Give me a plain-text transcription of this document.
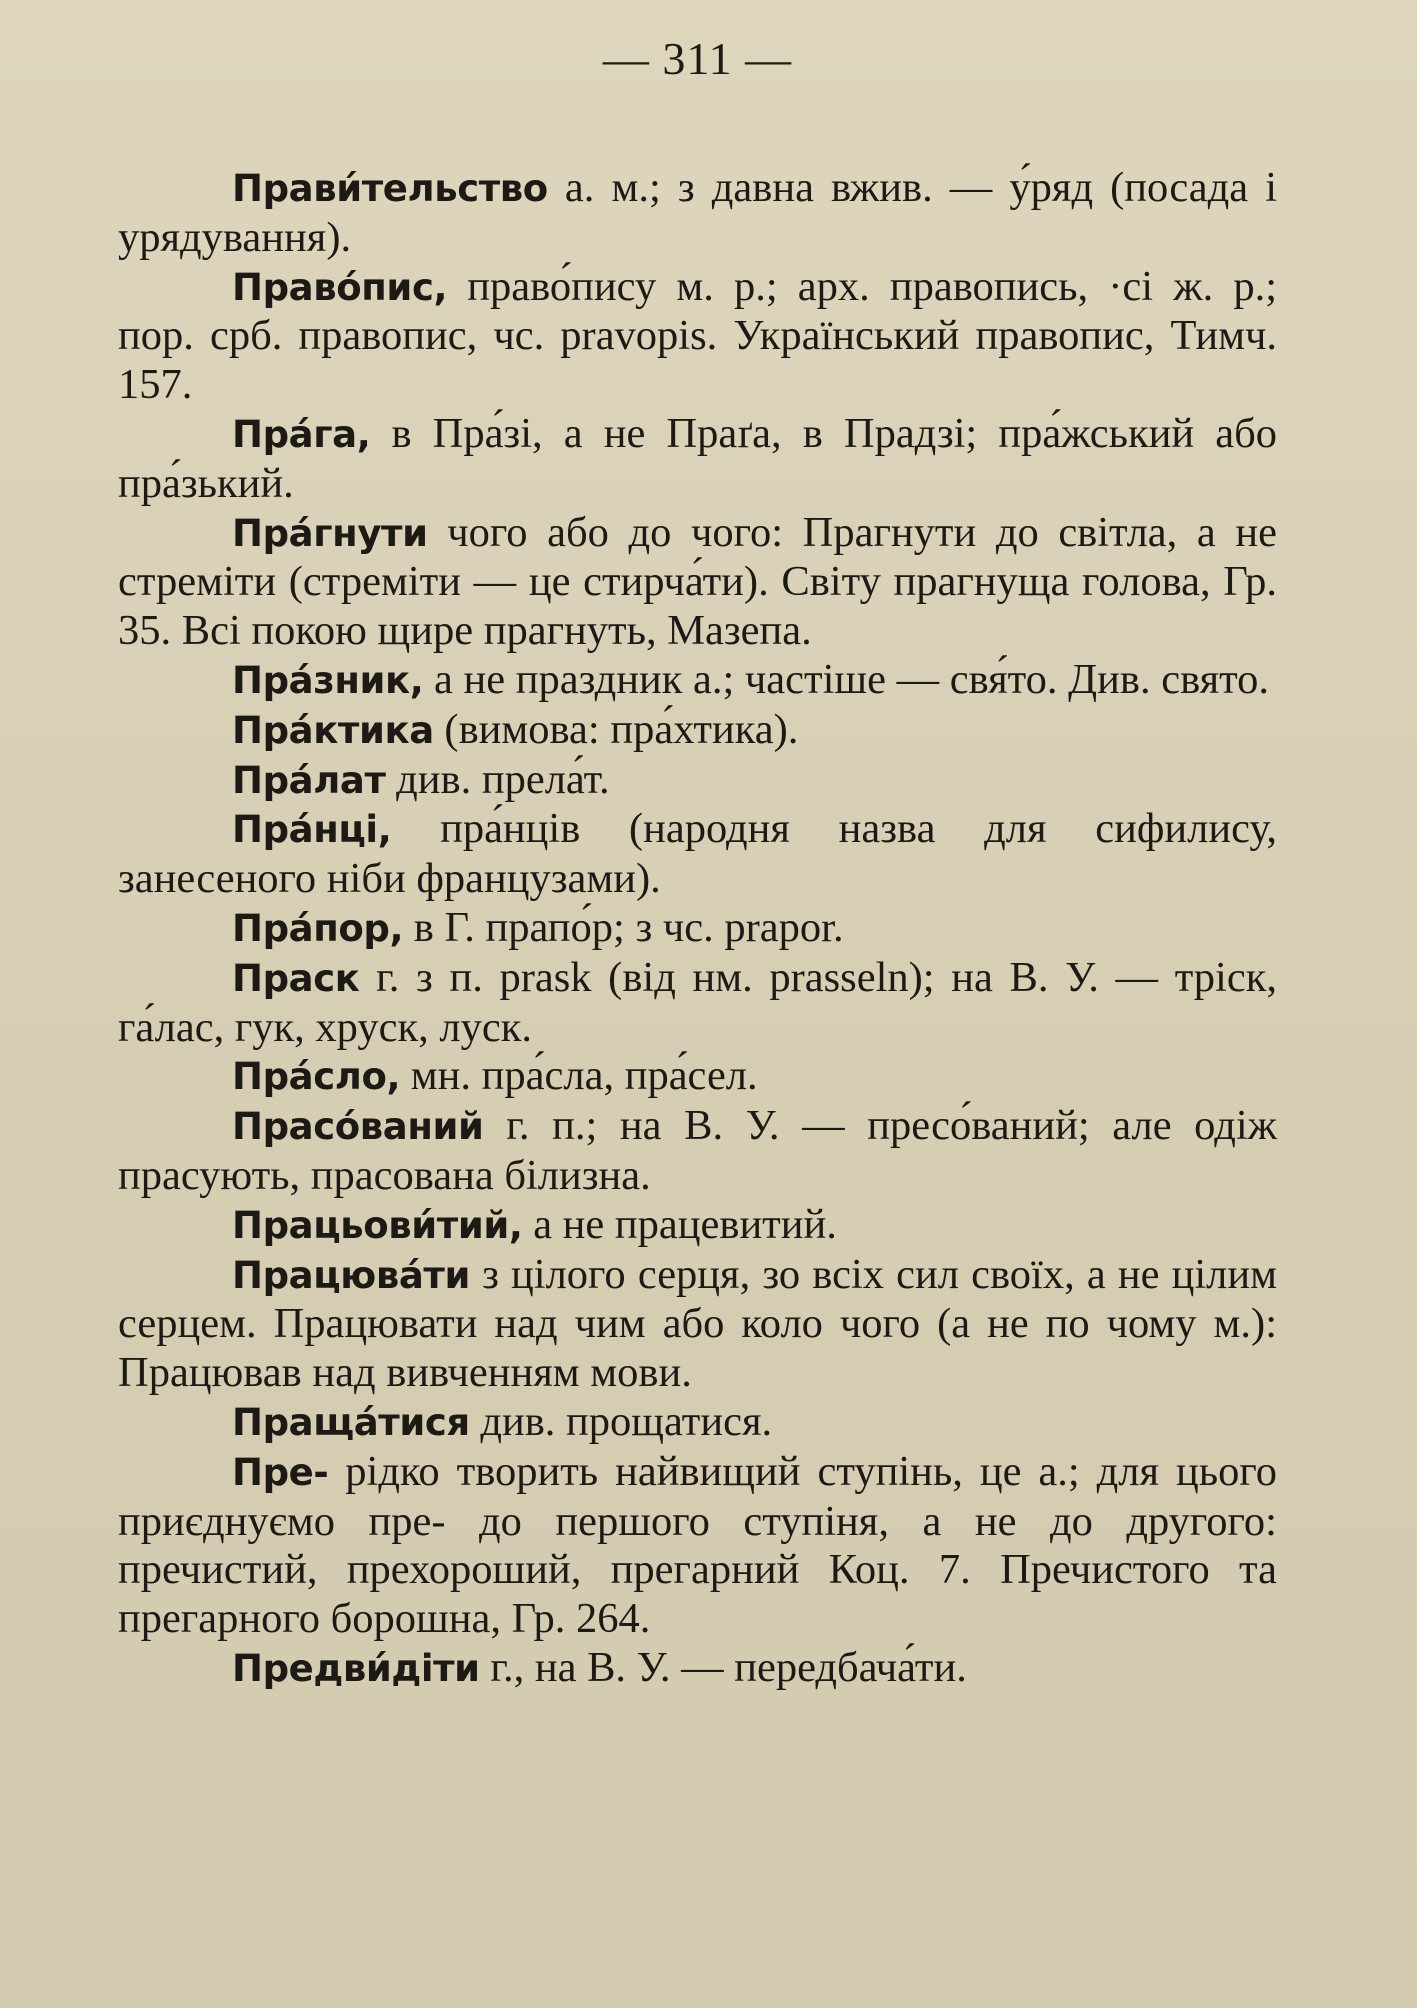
— 311 —

Прави́тельство а. м.; з давна вжив. — у́ряд (посада і урядування).

Право́пис, право́пису м. р.; арх. правопись, ·сі ж. р.; пор. срб. правопис, чс. pravopis. Український правопис, Тимч. 157.

Пра́га, в Пра́зі, а не Праґа, в Прадзі; пра́жський або пра́зький.

Пра́гнути чого або до чого: Прагнути до світла, а не стреміти (стреміти — це стирча́ти). Світу прагнуща голова, Гр. 35. Всі покою щире прагнуть, Мазепа.

Пра́зник, а не праздник а.; частіше — свя́то. Див. свято.

Пра́ктика (вимова: пра́хтика).

Пра́лат див. прела́т.

Пра́нці, пра́нців (народня назва для сифилису, занесеного ніби французами).

Пра́пор, в Г. прапо́р; з чс. prapor.

Праск г. з п. prask (від нм. prasseln); на В. У. — тріск, га́лас, гук, хруск, луск.

Пра́сло, мн. пра́сла, пра́сел.

Прасо́ваний г. п.; на В. У. — пресо́ваний; але одіж прасують, прасована білизна.

Працьови́тий, а не працевитий.

Працюва́ти з цілого серця, зо всіх сил своїх, а не цілим серцем. Працювати над чим або коло чого (а не по чому м.): Працював над вивченням мови.

Праща́тися див. прощатися.

Пре- рідко творить найвищий ступінь, це а.; для цього приєднуємо пре- до першого ступіня, а не до другого: пречистий, прехороший, прегарний Коц. 7. Пречистого та прегарного борошна, Гр. 264.

Предви́діти г., на В. У. — передбача́ти.
